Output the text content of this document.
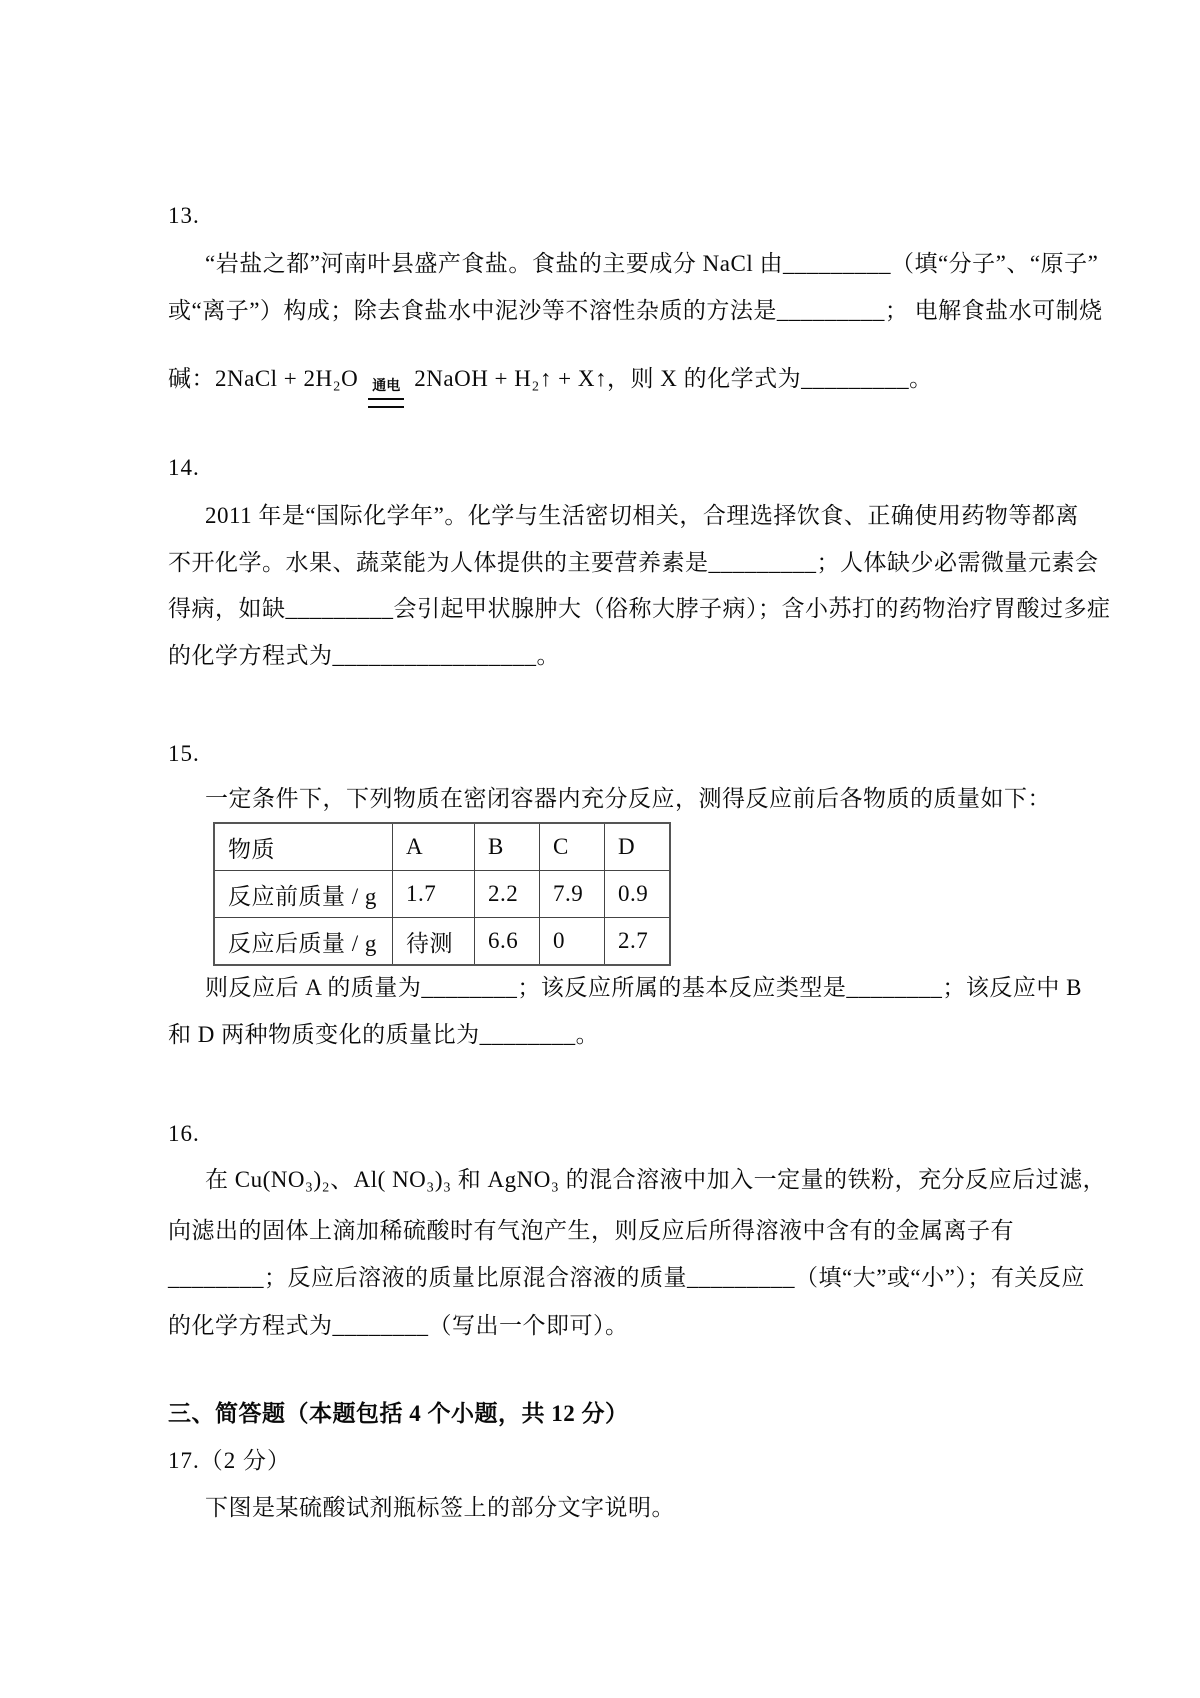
13.
“岩盐之都”河南叶县盛产食盐。食盐的主要成分 NaCl 由_________（填“分子”、“原子”
或“离子”）构成；除去食盐水中泥沙等不溶性杂质的方法是_________； 电解食盐水可制烧
碱：2NaCl + 2H₂O 通电 2NaOH + H₂↑ + X↑，则 X 的化学式为_________。
14.
2011 年是“国际化学年”。化学与生活密切相关，合理选择饮食、正确使用药物等都离
不开化学。水果、蔬菜能为人体提供的主要营养素是_________；人体缺少必需微量元素会
得病，如缺_________会引起甲状腺肿大（俗称大脖子病）；含小苏打的药物治疗胃酸过多症
的化学方程式为_________________。
15.
一定条件下，下列物质在密闭容器内充分反应，测得反应前后各物质的质量如下：
物质	A	B	C	D
反应前质量 / g	1.7	2.2	7.9	0.9
反应后质量 / g	待测	6.6	0	2.7
则反应后 A 的质量为________；该反应所属的基本反应类型是________；该反应中 B
和 D 两种物质变化的质量比为________。
16.
在 Cu(NO₃)₂、Al( NO₃)₃ 和 AgNO₃ 的混合溶液中加入一定量的铁粉，充分反应后过滤，
向滤出的固体上滴加稀硫酸时有气泡产生，则反应后所得溶液中含有的金属离子有
________；反应后溶液的质量比原混合溶液的质量_________（填“大”或“小”）；有关反应
的化学方程式为________（写出一个即可）。
三、简答题（本题包括 4 个小题，共 12 分）
17.（2 分）
下图是某硫酸试剂瓶标签上的部分文字说明。
